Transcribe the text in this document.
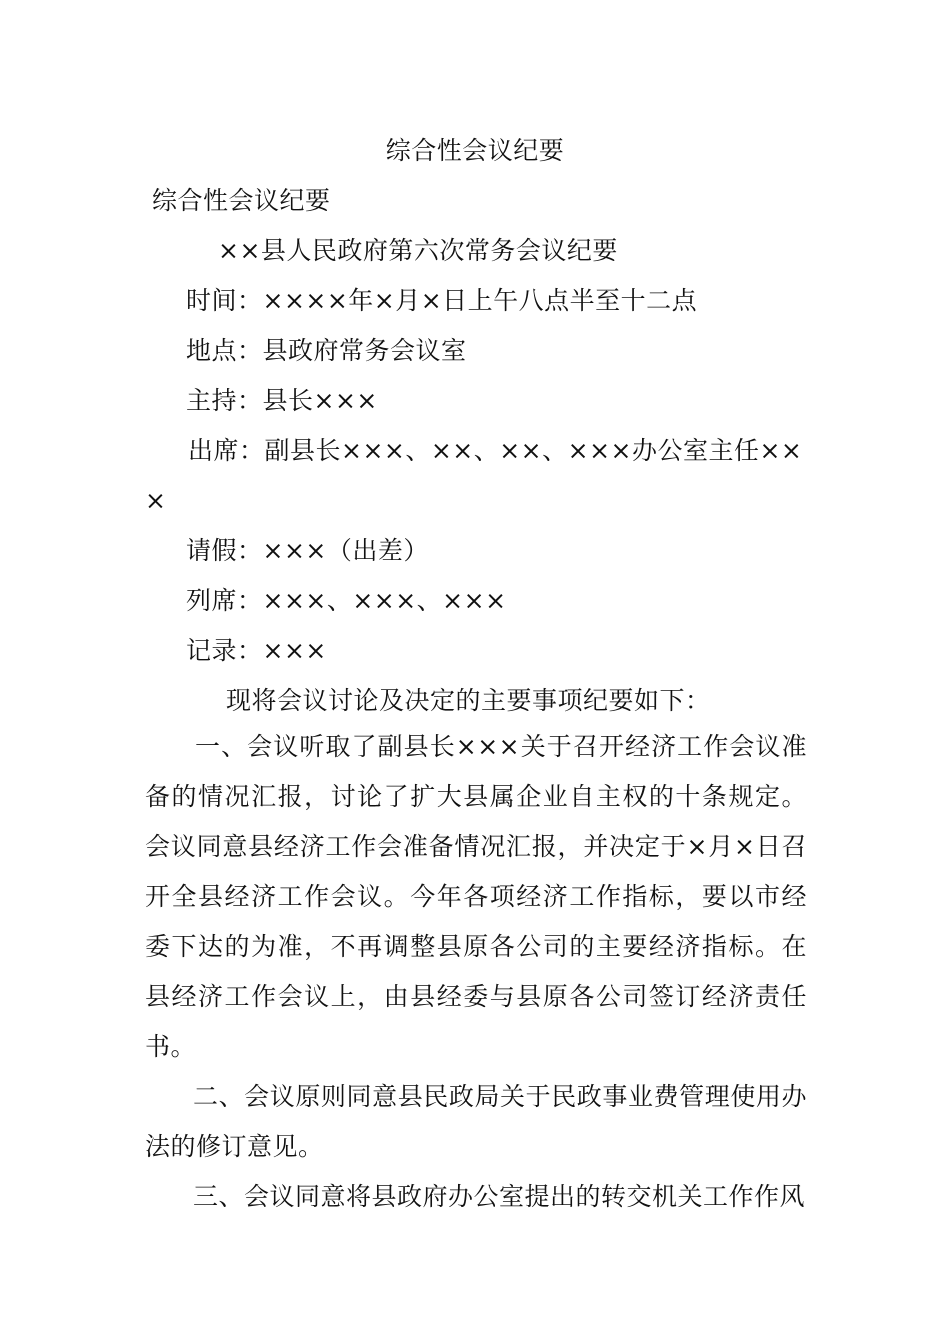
综合性会议纪要
综合性会议纪要
××县人民政府第六次常务会议纪要
时间：××××年×月×日上午八点半至十二点
地点：县政府常务会议室
主持：县长×××
出席：副县长×××、××、××、×××办公室主任××
×
请假：×××（出差）
列席：×××、×××、×××
记录：×××
现将会议讨论及决定的主要事项纪要如下：
一、会议听取了副县长×××关于召开经济工作会议准备的情况汇报，讨论了扩大县属企业自主权的十条规定。会议同意县经济工作会准备情况汇报，并决定于×月×日召开全县经济工作会议。今年各项经济工作指标，要以市经委下达的为准，不再调整县原各公司的主要经济指标。在县经济工作会议上，由县经委与县原各公司签订经济责任书。
二、会议原则同意县民政局关于民政事业费管理使用办法的修订意见。
三、会议同意将县政府办公室提出的转交机关工作作风
